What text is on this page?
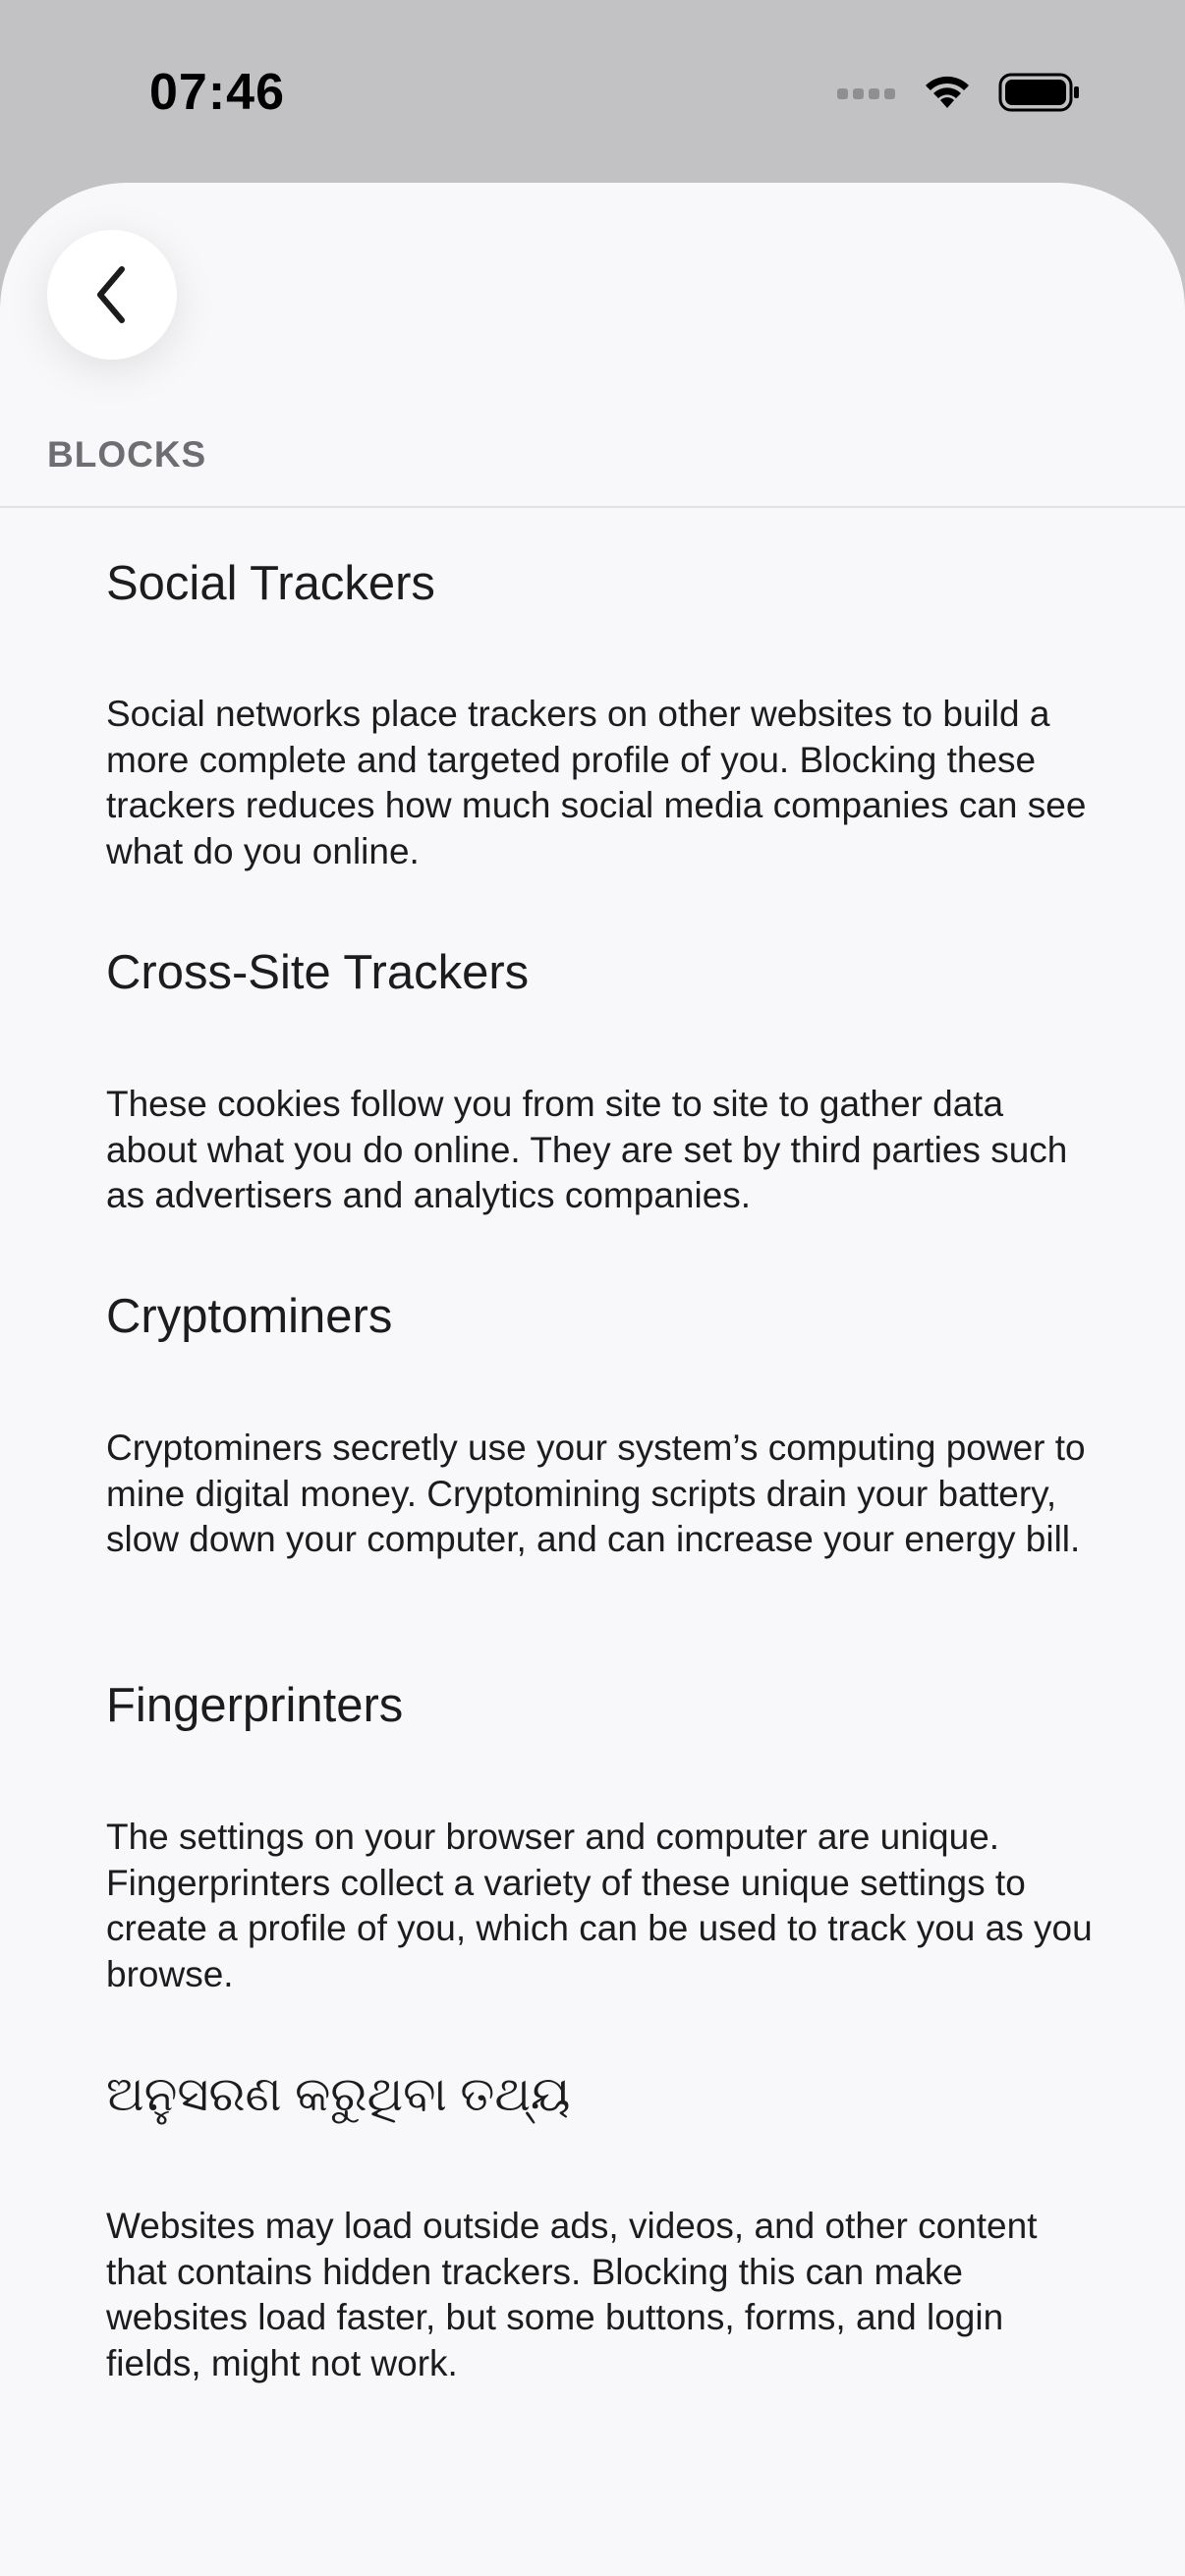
07:46
BLOCKS
Social Trackers
Social networks place trackers on other websites to build a more complete and targeted profile of you. Blocking these trackers reduces how much social media companies can see what do you online.
Cross-Site Trackers
These cookies follow you from site to site to gather data about what you do online. They are set by third parties such as advertisers and analytics companies.
Cryptominers
Cryptominers secretly use your system’s computing power to mine digital money. Cryptomining scripts drain your battery, slow down your computer, and can increase your energy bill.
Fingerprinters
The settings on your browser and computer are unique. Fingerprinters collect a variety of these unique settings to create a profile of you, which can be used to track you as you browse.
ଅନୁସରଣ କରୁଥିବା ତଥ୍ୟ
Websites may load outside ads, videos, and other content that contains hidden trackers. Blocking this can make websites load faster, but some buttons, forms, and login fields, might not work.
